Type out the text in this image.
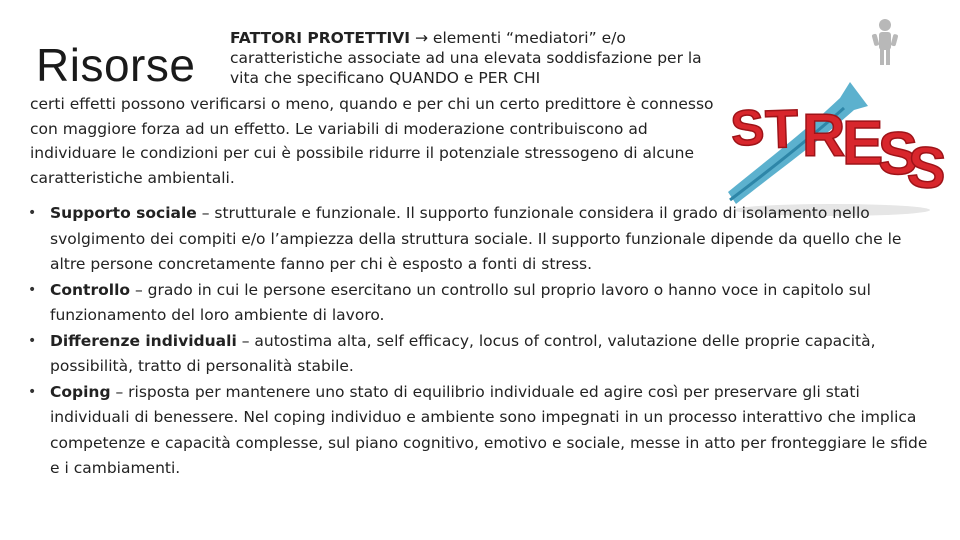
Risorse
FATTORI PROTETTIVI → elementi “mediatori” e/o caratteristiche associate ad una elevata soddisfazione per la vita che specificano QUANDO e PER CHI
certi effetti possono verificarsi o meno, quando e per chi un certo predittore è connesso con maggiore forza ad un effetto. Le variabili di moderazione contribuiscono ad individuare le condizioni per cui è possibile ridurre il potenziale stressogeno di alcune caratteristiche ambientali.
S
T R
E
S
S
STRESS
• Supporto sociale – strutturale e funzionale. Il supporto funzionale considera il grado di isolamento nello svolgimento dei compiti e/o l’ampiezza della struttura sociale. Il supporto funzionale dipende da quello che le altre persone concretamente fanno per chi è esposto a fonti di stress.
• Controllo – grado in cui le persone esercitano un controllo sul proprio lavoro o hanno voce in capitolo sul funzionamento del loro ambiente di lavoro.
• Differenze individuali – autostima alta, self efficacy, locus of control, valutazione delle proprie capacità, possibilità, tratto di personalità stabile.
• Coping – risposta per mantenere uno stato di equilibrio individuale ed agire così per preservare gli stati individuali di benessere. Nel coping individuo e ambiente sono impegnati in un processo interattivo che implica competenze e capacità complesse, sul piano cognitivo, emotivo e sociale, messe in atto per fronteggiare le sfide e i cambiamenti.
